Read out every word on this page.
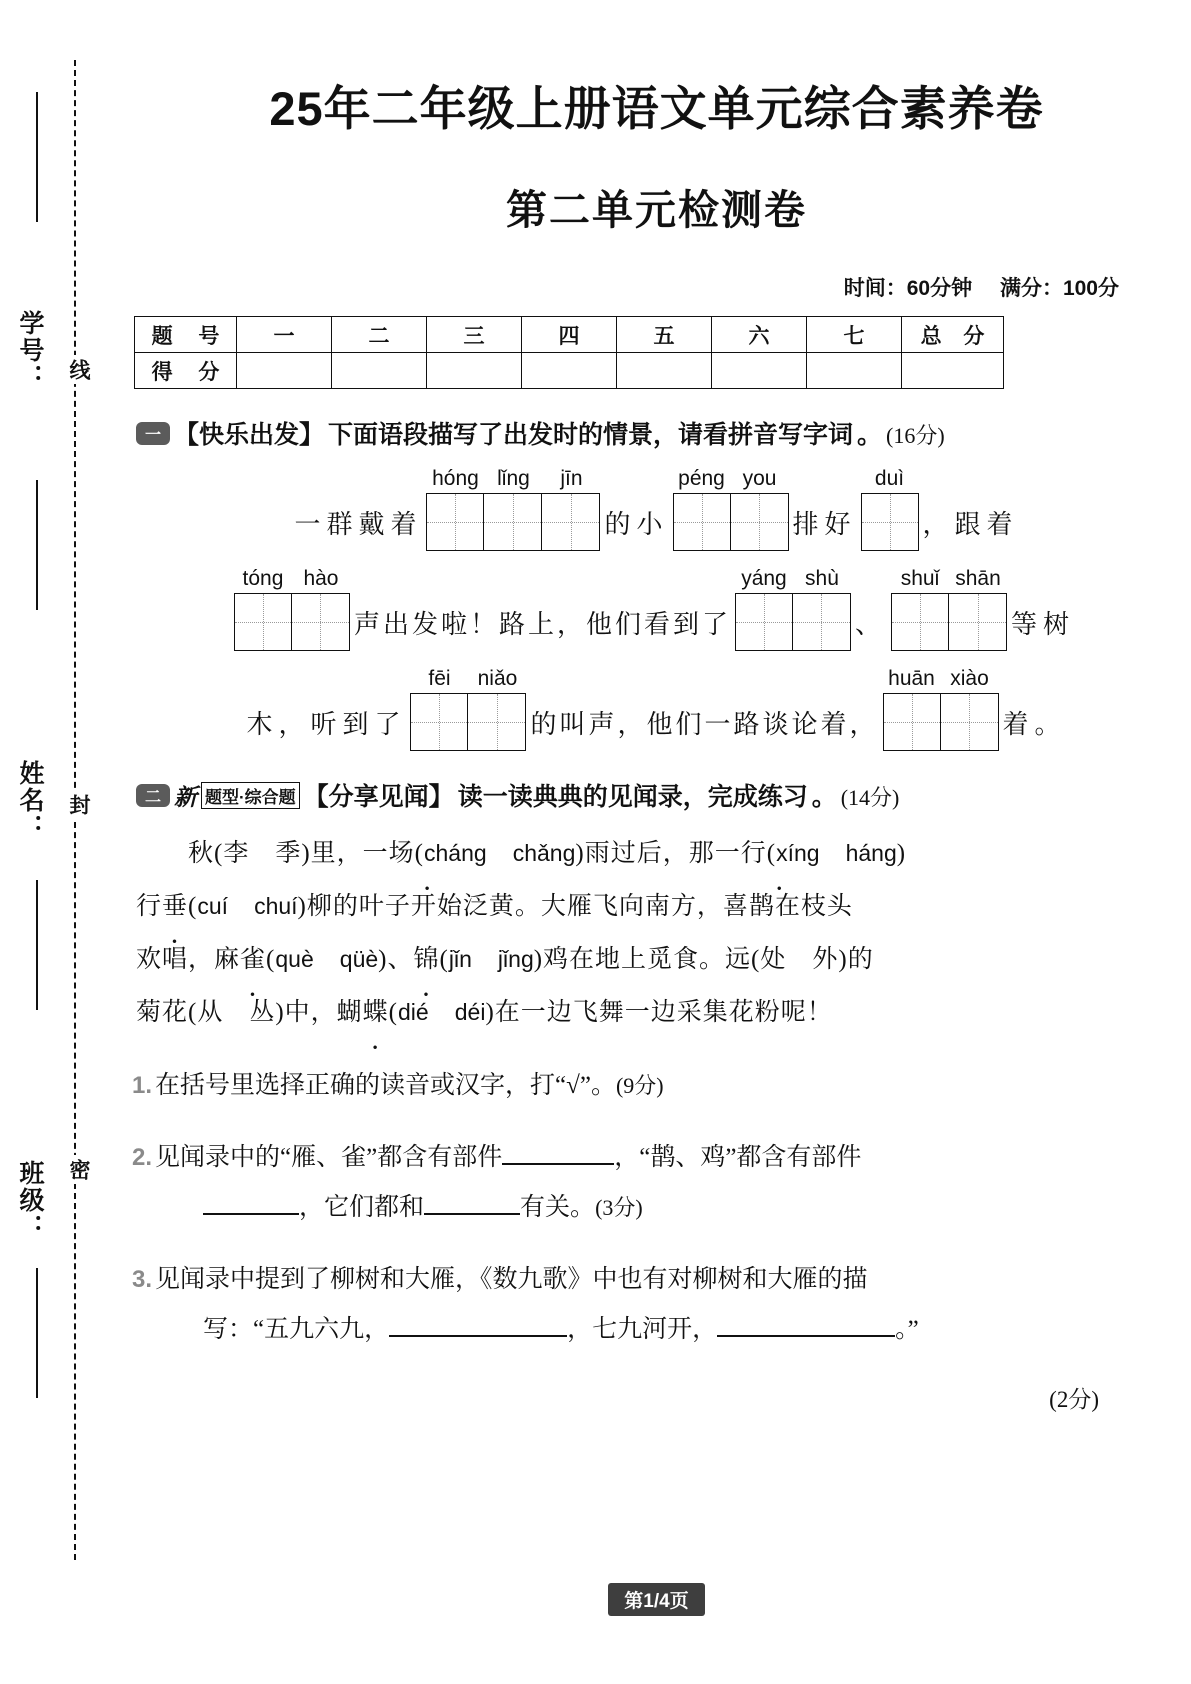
学号：
姓名：
班级：
线
封
密
25年二年级上册语文单元综合素养卷
第二单元检测卷
时间：60分钟 满分：100分
题 号	一	二	三	四	五	六	七	总 分
得 分								
一 【快乐出发】 下面语段描写了出发时的情景，请看拼音写字词 。 (16分)
一群戴着
hóng lǐng	jīn
的小
péng you
排好
duì
，跟着
tóng hào
声出发啦！路上，他们看到了
yáng shù
、
shuǐ shān
等树
木，听到了
fēi	niǎo
的叫声，他们一路谈论着，
huān xiào
着。
二 新 题型·综合题 【分享见闻】 读一读典典的见闻录，完成练习 。 (14分)

秋(李　季)里，一场(cháng　 chǎng)雨过后，那一行(xíng　 háng)

行垂(cuí　 chuí)柳的叶子开始泛黄。大雁飞向南方，喜鹊在枝头

欢唱，麻雀(què　 qüè)、锦(jǐn　 jǐng)鸡在地上觅食。远(处　外)的

菊花(从　丛)中，蝴蝶(dié　 déi)在一边飞舞一边采集花粉呢！

1. 在括号里选择正确的读音或汉字，打“√”。(9分)
2. 见闻录中的“雁、雀”都含有部件	，“鹊、鸡”都含有部件
，它们都和	有关。(3分)
3. 见闻录中提到了柳树和大雁，《数九歌》中也有对柳树和大雁的描
写：“五九六九，	，七九河开，	。”
(2分)
第1/4页
